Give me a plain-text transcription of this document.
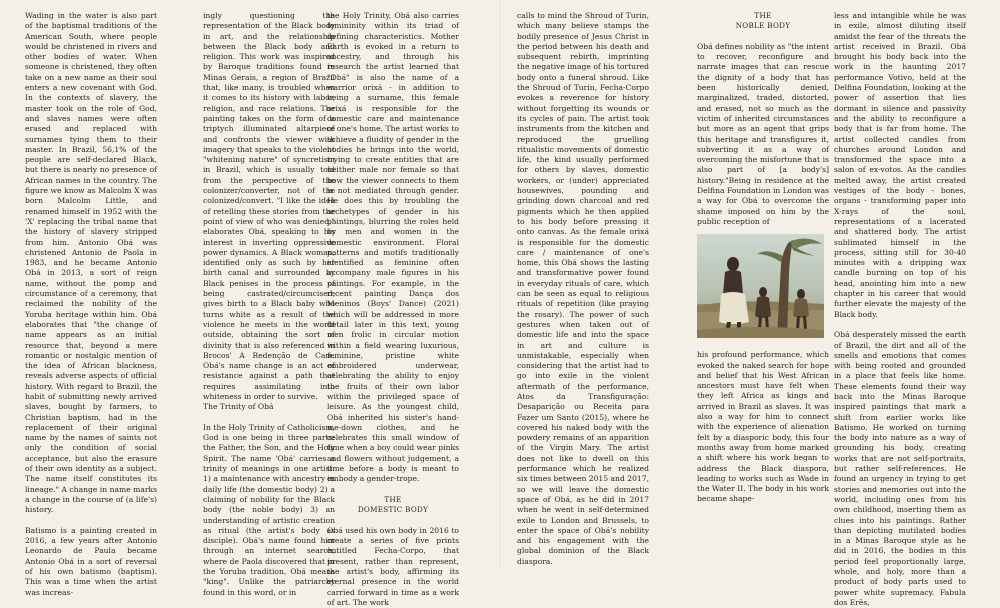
Wading in the water is also part of the baptismal traditions of the American South, where people would be christened in rivers and other bodies of water. When someone is christened, they often take on a new name as their soul enters a new covenant with God. In the contexts of slavery, the master took on the role of God, and slaves names were often erased and replaced with surnames tying them to their master. In Brazil, 56,1% of the people are self-declared Black, but there is nearly no presence of African names in the country. The figure we know as Malcolm X was born Malcolm Little, and renamed himself in 1952 with the 'X' replacing the tribal name that the history of slavery stripped from him. Antonio Obá was christened Antonio de Paola in 1983, and he became Antonio Obá in 2013, a sort of reign name, without the pomp and circumstance of a ceremony, that reclaimed the nobility of the Yoruba heritage within him. Obá elaborates that "the change of name appears as an initial resource that, beyond a mere romantic or nostalgic mention of the idea of African blackness, reveals adverse aspects of official history. With regard to Brazil, the habit of submitting newly arrived slaves, bought by farmers, to Christian baptism, had in the replacement of their original name by the names of saints not only the condition of social acceptance, but also the erasure of their own identity as a subject. The name itself constitutes its lineage." A change in name marks a change in the course of (a life's) history.

Batismo is a painting created in 2016, a few years after Antonio Leonardo de Paula became Antonio Obá in a sort of reversal of his own batismo (baptism). This was a time when the artist was increas-

ingly questioning the representation of the Black body in art, and the relationship between the Black body and religion. This work was inspired by Baroque traditions found in Minas Gerais, a region of Brazil that, like many, is troubled when it comes to its history with labor, religion, and race relations. The painting takes on the form of a triptych illuminated altarpiece and confronts the viewer with imagery that speaks to the violent "whitening nature" of syncretism in Brazil, which is usually told from the perspective of the colonizer/converter, not of the colonized/convert. "I like the idea of retelling these stories from the point of view of who was denied," elaborates Obá, speaking to his interest in inverting oppressive power dynamics. A Black woman, identified only as such by her birth canal and surrounded by Black penises in the process of being castrated/circumcised, gives birth to a Black baby who turns white as a result of the violence he meets in the world outside, obtaining the sort of divinity that is also referenced in Brocos' A Redenção de Cam. Obá's name change is an act of resistance against a path that requires assimilating into whiteness in order to survive.

The Trinity of Obá

In the Holy Trinity of Catholicism, God is one being in three parts: the Father, the Son, and the Holy Spirit. The name 'Obá' carries a trinity of meanings in one artist: 1) a maintenance with ancestry in daily life (the domestic body) 2) a claiming of nobility for the Black body (the noble body) 3) an understanding of artistic creation as ritual (the artist's body as disciple). Obá's name found him through an internet search, where de Paola discovered that in the Yoruba tradition, Obá means "king". Unlike the patriarchy found in this word, or in

the Holy Trinity, Obá also carries femininity within its triad of defining characteristics. Mother Earth is evoked in a return to ancestry, and through his research the artist learned that "Obá" is also the name of a warrior orixá - in addition to being a surname, this female orixá is responsible for the domestic care and maintenance of one's home. The artist works to achieve a fluidity of gender in the bodies he brings into the world, trying to create entities that are neither male nor female so that how the viewer connects to them is not mediated through gender. He does this by troubling the archetypes of gender in his paintings, blurring the roles held by men and women in the domestic environment. Floral patterns and motifs traditionally identified as feminine often accompany male figures in his paintings. For example, in the recent painting Dança dos Meninos (Boys' Dance) (2021) which will be addressed in more detail later in this text, young men frolic in circular motion within a field wearing luxurious, feminine, pristine white embroidered underwear, celebrating the ability to enjoy the fruits of their own labor within the privileged space of leisure. As the youngest child, Obá inherited his sister's hand-me-down clothes, and he celebrates this small window of time when a boy could wear pinks and flowers without judgement, a time before a body is meant to embody a gender-trope.

THE

DOMESTIC BODY

Obá used his own body in 2016 to create a series of five prints entitled Fecha-Corpo, that present, rather than represent, the artist's body, affirming its eternal presence in the world carried forward in time as a work of art. The work

calls to mind the Shroud of Turin, which many believe stamps the bodily presence of Jesus Christ in the period between his death and subsequent rebirth, imprinting the negative image of his tortured body onto a funeral shroud. Like the Shroud of Turin, Fecha-Corpo evokes a reverence for history without forgetting its wounds or its cycles of pain. The artist took instruments from the kitchen and reproduced the gruelling ritualistic movements of domestic life, the kind usually performed for others by slaves, domestic workers, or (under) appreciated housewives, pounding and grinding down charcoal and red pigments which he then applied to his body before pressing it onto canvas. As the female orixá is responsible for the domestic care / maintenance of one's home, this Obá shows the lasting and transformative power found in everyday rituals of care, which can be seen as equal to religious rituals of repetition (like praying the rosary). The power of such gestures when taken out of domestic life and into the space in art and culture is unmistakable, especially when considering that the artist had to go into exile in the violent aftermath of the performance, Atos da Transfiguração: Desaparição ou Receita para Fazer um Santo (2015), where he covered his naked body with the powdery remains of an apparition of the Virgin Mary. The artist does not like to dwell on this performance which he realized six times between 2015 and 2017, so we will leave the domestic space of Obá, as he did in 2017 when he went in self-determined exile to London and Brussels, to enter the space of Obá's nobility and his engagement with the global dominion of the Black diaspora.

THE

NOBLE BODY

Obá defines nobility as "the intent to recover, reconfigure and narrate images that can rescue the dignity of a body that has been historically denied, marginalized, traded, distorted, and erased, not so much as the victim of inherited circumstances but more as an agent that grips this heritage and transfigures it, subverting it as a way of overcoming the misfortune that is also part of [a body's] history."Being in residence at the Delfina Foundation in London was a way for Obá to overcome the shame imposed on him by the public reception of

his profound performance, which evoked the naked search for hope and belief that his West African ancestors must have felt when they left Africa as kings and arrived in Brazil as slaves. It was also a way for him to connect with the experience of alienation felt by a diasporic body, this four months away from home marked a shift where his work began to address the Black diaspora, leading to works such as Wade in the Water II. The body in his work became shape-

less and intangible while he was in exile, almost diluting itself amidst the fear of the threats the artist received in Brazil. Obá brought his body back into the work in the haunting 2017 performance Votivo, held at the Delfina Foundation, looking at the power of assertion that lies dormant in silence and passivity and the ability to reconfigure a body that is far from home. The artist collected candles from churches around London and transformed the space into a salon of ex-votos. As the candles melted away, the artist created vestiges of the body - bones, organs - transforming paper into X-rays of the soul, representations of a lacerated and shattered body. The artist sublimated himself in the process, sitting still for 30-40 minutes with a dripping wax candle burning on top of his head, anointing him into a new chapter in his career that would further elevate the majesty of the Black body.

Obá desperately missed the earth of Brazil, the dirt and all of the smells and emotions that comes with being rooted and grounded in a place that feels like home. These elements found their way back into the Minas Baroque inspired paintings that mark a shift from earlier works like Batismo. He worked on turning the body into nature as a way of grounding his body, creating works that are not self-portraits, but rather self-references. He found an urgency in trying to get stories and memories out into the world, including ones from his own childhood, inserting them as clues into his paintings. Rather than depicting mutilated bodies in a Minas Baroque style as he did in 2016, the bodies in this period feel proportionally large, whole, and holy, more than a product of body parts used to power white supremacy. Fabula dos Erês,
